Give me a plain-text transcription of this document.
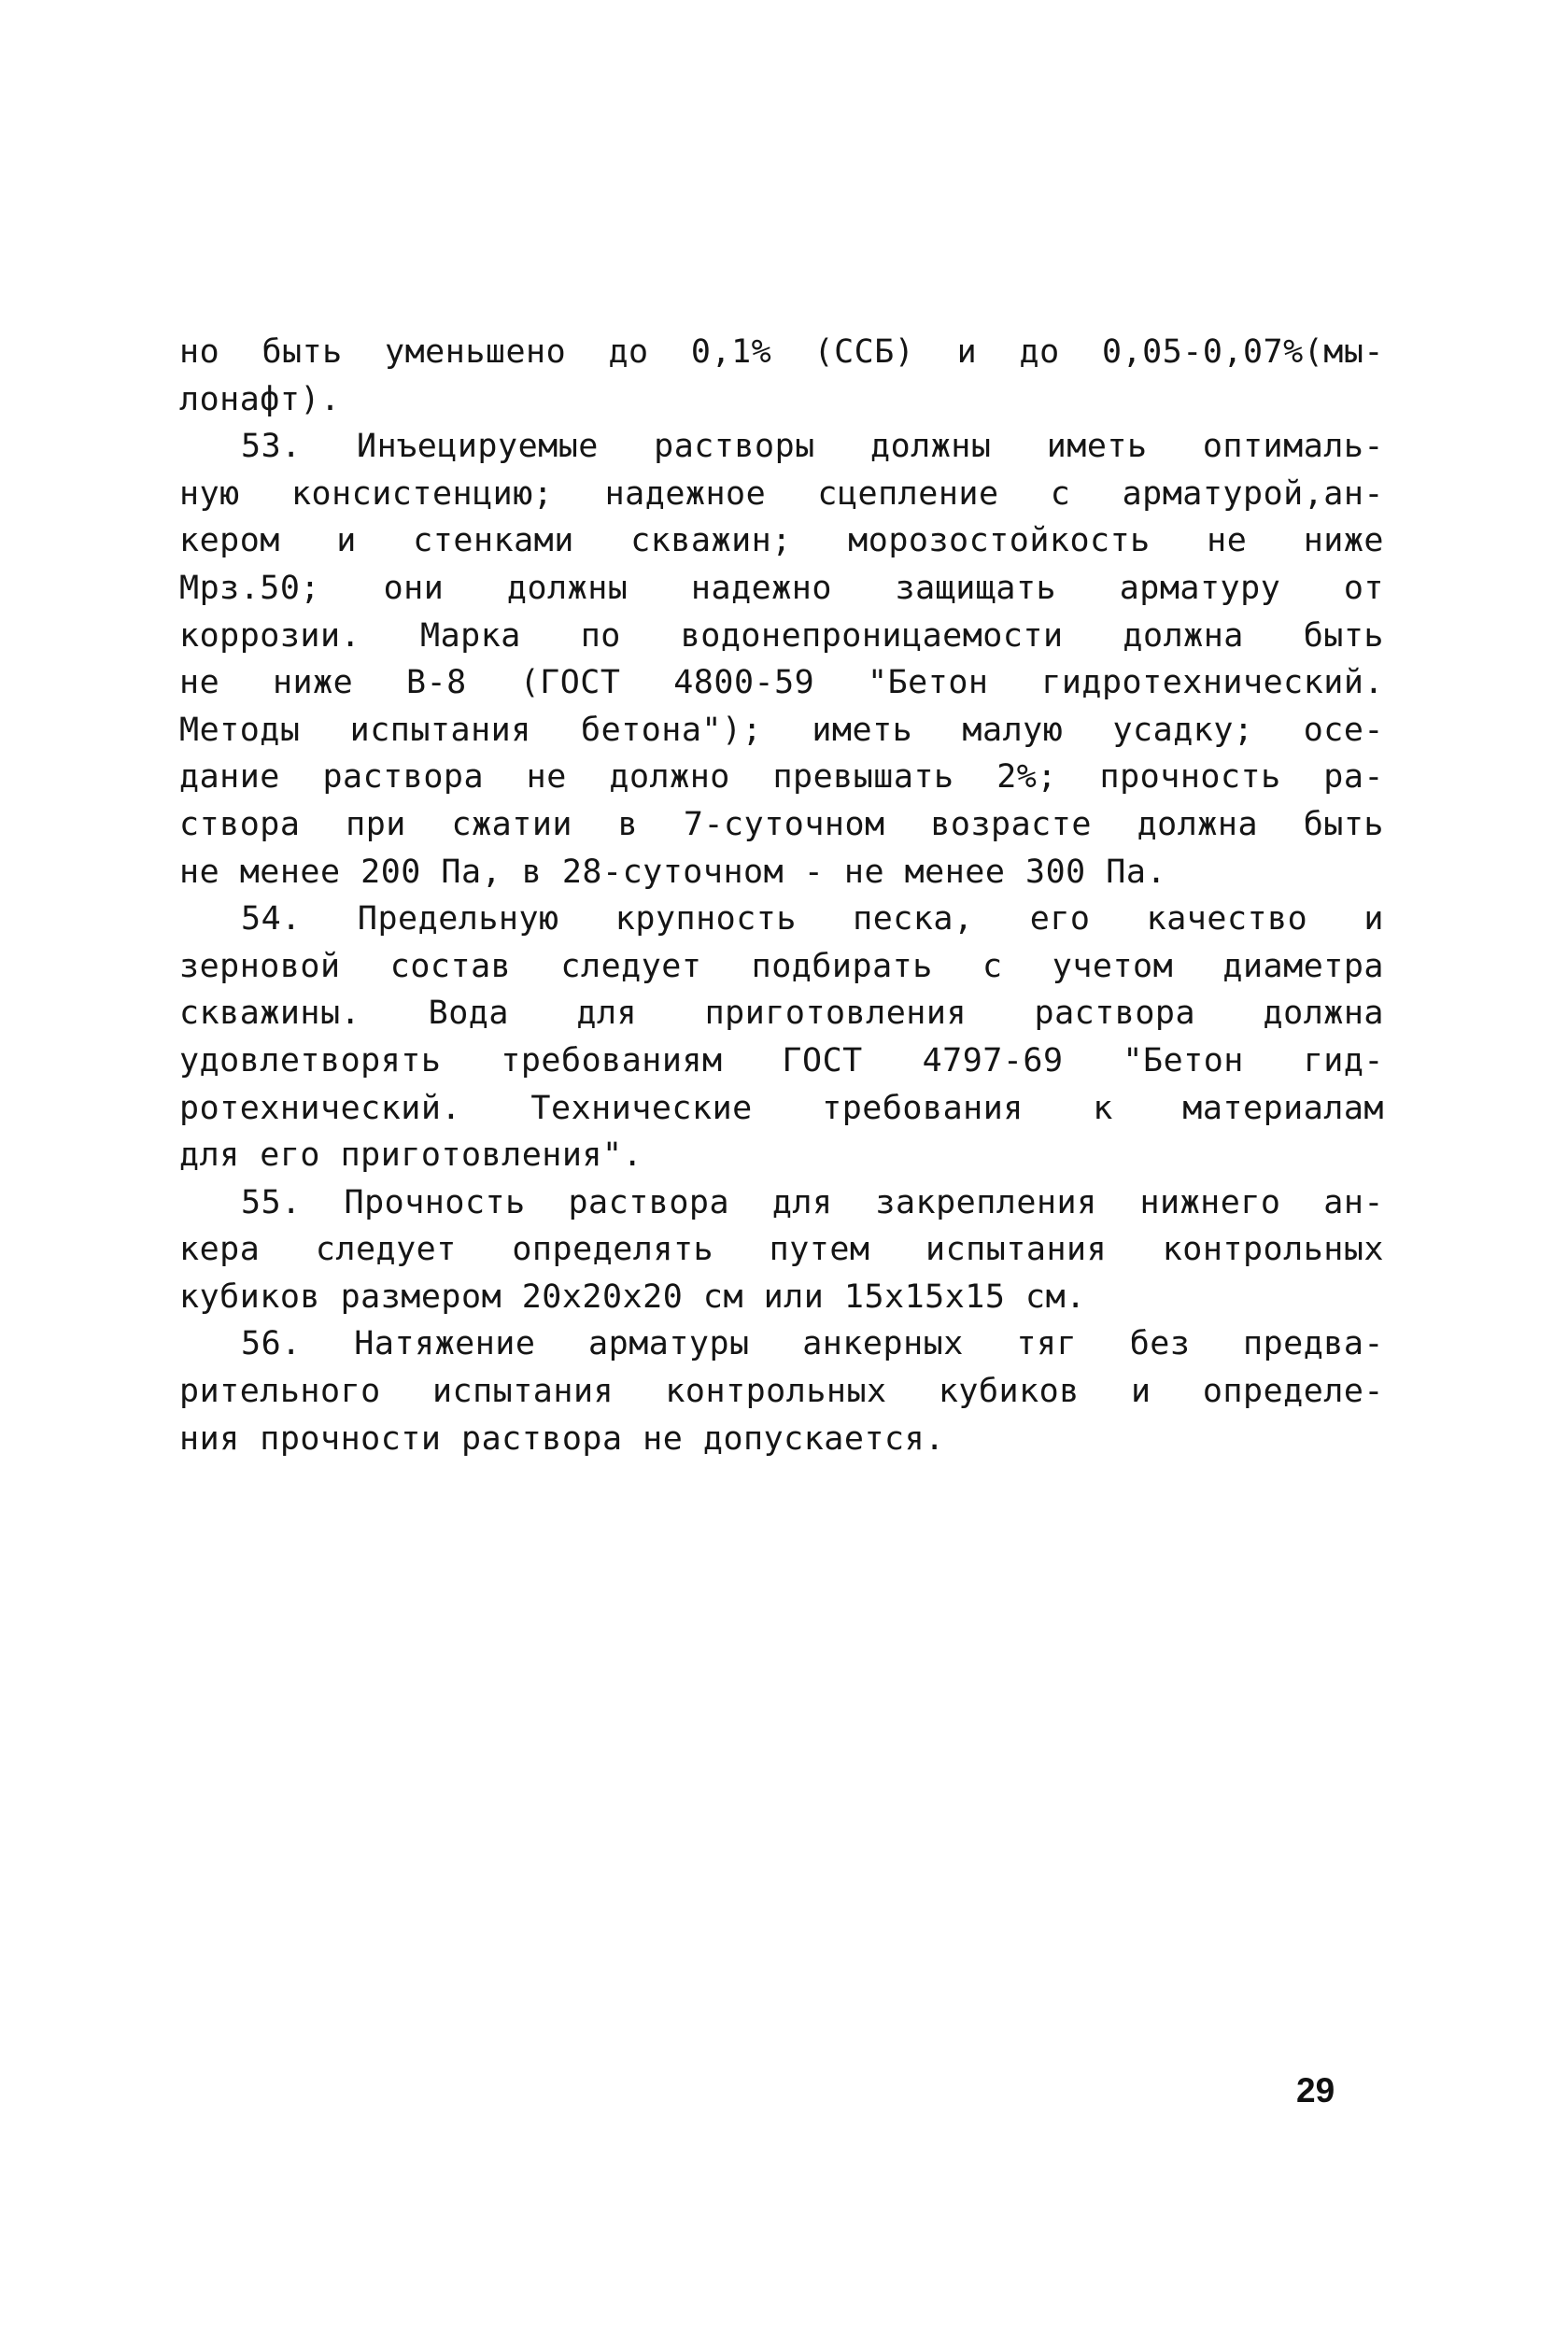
но быть уменьшено до 0,1% (ССБ) и до 0,05-0,07%(мы-
лонафт).
53. Инъецируемые растворы должны иметь оптималь-
ную консистенцию; надежное сцепление с арматурой,ан-
кером и стенками скважин; морозостойкость не ниже
Мрз.50; они должны надежно защищать арматуру от
коррозии. Марка по водонепроницаемости должна быть
не ниже В-8 (ГОСТ 4800-59 "Бетон гидротехнический.
Методы испытания бетона"); иметь малую усадку; осе-
дание раствора не должно превышать 2%; прочность ра-
створа при сжатии в 7-суточном возрасте должна быть
не менее 200 Па, в 28-суточном - не менее 300 Па.
54. Предельную крупность песка, его качество и
зерновой состав следует подбирать с учетом диаметра
скважины. Вода для приготовления раствора должна
удовлетворять требованиям ГОСТ 4797-69 "Бетон гид-
ротехнический. Технические требования к материалам
для его приготовления".
55. Прочность раствора для закрепления нижнего ан-
кера следует определять путем испытания контрольных
кубиков размером 20х20х20 см или 15х15х15 см.
56. Натяжение арматуры анкерных тяг без предва-
рительного испытания контрольных кубиков и определе-
ния прочности раствора не допускается.
29
